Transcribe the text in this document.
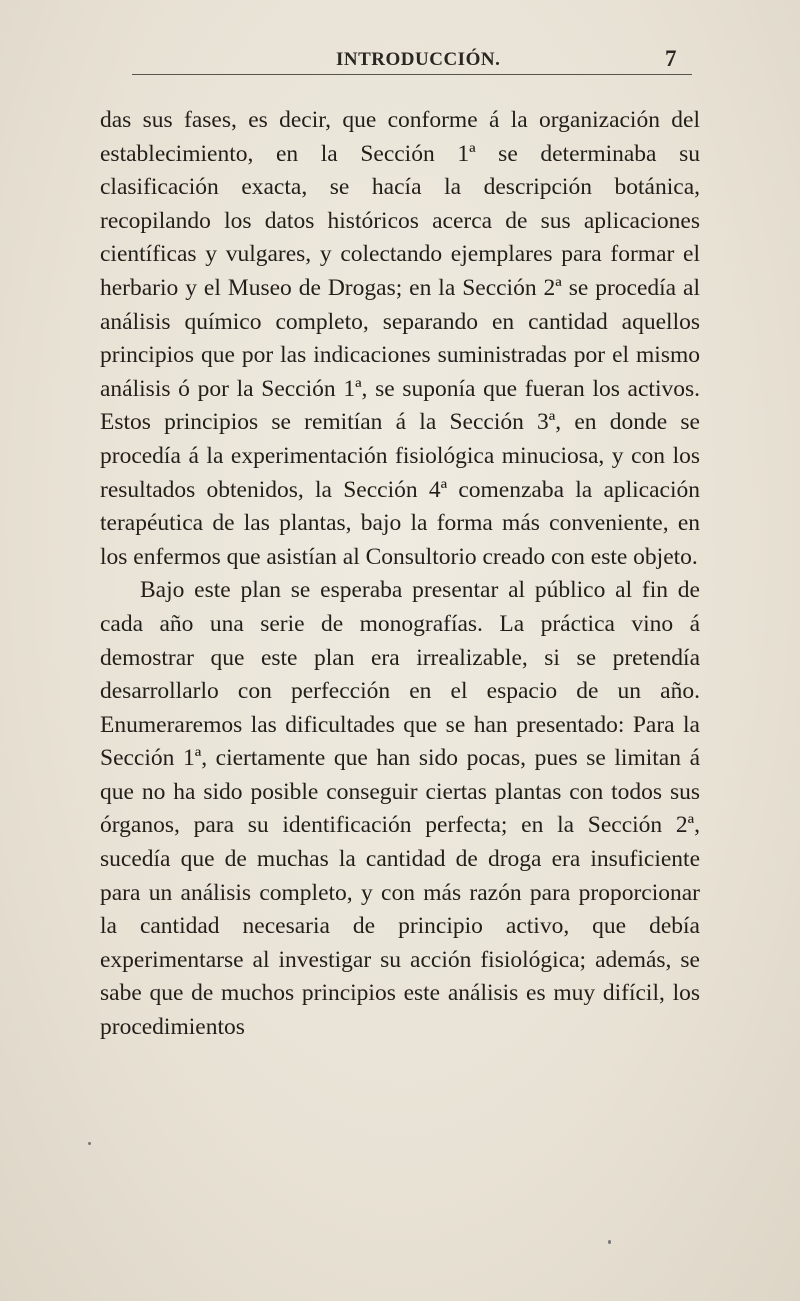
INTRODUCCIÓN.	7

das sus fases, es decir, que conforme á la organización del establecimiento, en la Sección 1ª se determinaba su clasificación exacta, se hacía la descripción botánica, recopilando los datos históricos acerca de sus aplicaciones científicas y vulgares, y colectando ejemplares para formar el herbario y el Museo de Drogas; en la Sección 2ª se procedía al análisis químico completo, separando en cantidad aquellos principios que por las indicaciones suministradas por el mismo análisis ó por la Sección 1ª, se suponía que fueran los activos. Estos principios se remitían á la Sección 3ª, en donde se procedía á la experimentación fisiológica minuciosa, y con los resultados obtenidos, la Sección 4ª comenzaba la aplicación terapéutica de las plantas, bajo la forma más conveniente, en los enfermos que asistían al Consultorio creado con este objeto.

Bajo este plan se esperaba presentar al público al fin de cada año una serie de monografías. La práctica vino á demostrar que este plan era irrealizable, si se pretendía desarrollarlo con perfección en el espacio de un año. Enumeraremos las dificultades que se han presentado: Para la Sección 1ª, ciertamente que han sido pocas, pues se limitan á que no ha sido posible conseguir ciertas plantas con todos sus órganos, para su identificación perfecta; en la Sección 2ª, sucedía que de muchas la cantidad de droga era insuficiente para un análisis completo, y con más razón para proporcionar la cantidad necesaria de principio activo, que debía experimentarse al investigar su acción fisiológica; además, se sabe que de muchos principios este análisis es muy difícil, los procedimientos
